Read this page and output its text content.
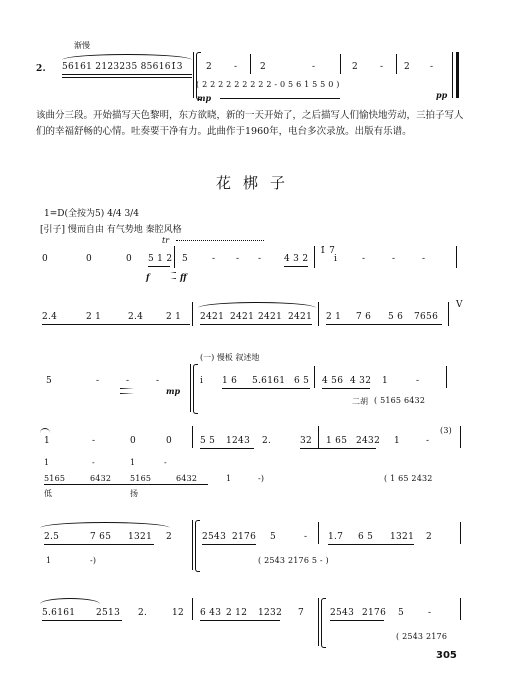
渐慢
2. 56161 2123235 856161̇3	2 -	2	-	2 - 2 -
( 2 2 2 2 2 2 2 2 2 - 0 5 6 1 5 5 0 )
mp	pp
该曲分三段。开始描写天色黎明，东方欲晓，新的一天开始了，之后描写人们愉快地劳动，三拍子写人们的幸福舒畅的心情。吐奏要干净有力。此曲作于1960年，电台多次录放。出版有乐谱。
花梆子
1=D(全按为5) 4/4 3/4
[引子] 慢而自由 有气势地 秦腔风格
tr
0	0	0 5 1 2 5	- - -	4 3 2
1̇ 7
i	-	-	-
f	ff
2.4	2 1	2.4	2 1 2421 2421 2421 2421 2 1 7 6 5 6 7656
V
(一) 慢板 叙述地
5	-	-	-
mp
i 1 6 5.6161 6 5 4 56 4 32 1	-
二胡 ( 5165 6432
1	-	0	0	5 5 1243 2.	32 1 65 2432 1	-
(3)
1	-	1	-
5165	6432 5165	6432	1	-)
低	扬
( 1 65 2432
2.5	7 65 1321 2	2543 2176 5	- 1.7 6 5 1321 2
1	-)	( 2543 2176 5 - )
5.6161 2513 2.	12 6 43 2 12 1232 7	2543 2176 5	-
( 2543 2176
305
